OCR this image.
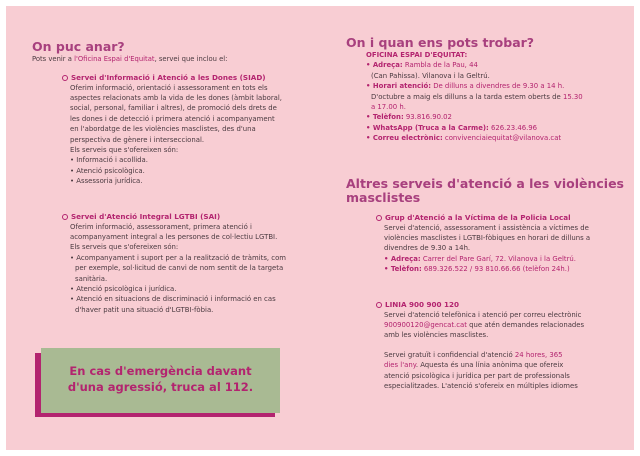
On puc anar?
Pots venir a l'Oficina Espai d'Equitat, servei que inclou el:
Servei d'Informació i Atenció a les Dones (SIAD)
Oferim informació, orientació i assessorament en tots els
aspectes relacionats amb la vida de les dones (àmbit laboral,
social, personal, familiar i altres), de promoció dels drets de
les dones i de detecció i primera atenció i acompanyament
en l'abordatge de les violències masclistes, des d'una
perspectiva de gènere i interseccional.
Els serveis que s'ofereixen són:
• Informació i acollida.
• Atenció psicològica.
• Assessoria jurídica.
Servei d'Atenció Integral LGTBI (SAI)
Oferim informació, assessorament, primera atenció i
acompanyament integral a les persones de col·lectiu LGTBI.
Els serveis que s'ofereixen són:
• Acompanyament i suport per a la realització de tràmits, com
per exemple, sol·licitud de canvi de nom sentit de la targeta
sanitària.
• Atenció psicològica i jurídica.
• Atenció en situacions de discriminació i informació en cas
d'haver patit una situació d'LGTBI-fòbia.
En cas d'emergència davant
d'una agressió, truca al 112.
On i quan ens pots trobar?
OFICINA ESPAI D'EQUITAT:
• Adreça: Rambla de la Pau, 44
(Can Pahissa). Vilanova i la Geltrú.
• Horari atenció: De dilluns a divendres de 9.30 a 14 h.
D'octubre a maig els dilluns a la tarda estem oberts de 15.30
a 17.00 h.
• Telèfon: 93.816.90.02
• WhatsApp (Truca a la Carme): 626.23.46.96
• Correu electrònic: convivenciaiequitat@vilanova.cat
Altres serveis d'atenció a les violències
masclistes
Grup d'Atenció a la Víctima de la Policia Local
Servei d'atenció, assessorament i assistència a víctimes de
violències masclistes i LGTBI-fòbiques en horari de dilluns a
divendres de 9.30 a 14h.
• Adreça: Carrer del Pare Garí, 72. Vilanova i la Geltrú.
• Telèfon: 689.326.522 / 93 810.66.66 (telèfon 24h.)
LINIA 900 900 120
Servei d'atenció telefònica i atenció per correu electrònic
900900120@gencat.cat que atén demandes relacionades
amb les violències masclistes.
Servei gratuït i confidencial d'atenció 24 hores, 365
dies l'any. Aquesta és una línia anònima que ofereix
atenció psicològica i jurídica per part de professionals
especialitzades. L'atenció s'ofereix en múltiples idiomes
